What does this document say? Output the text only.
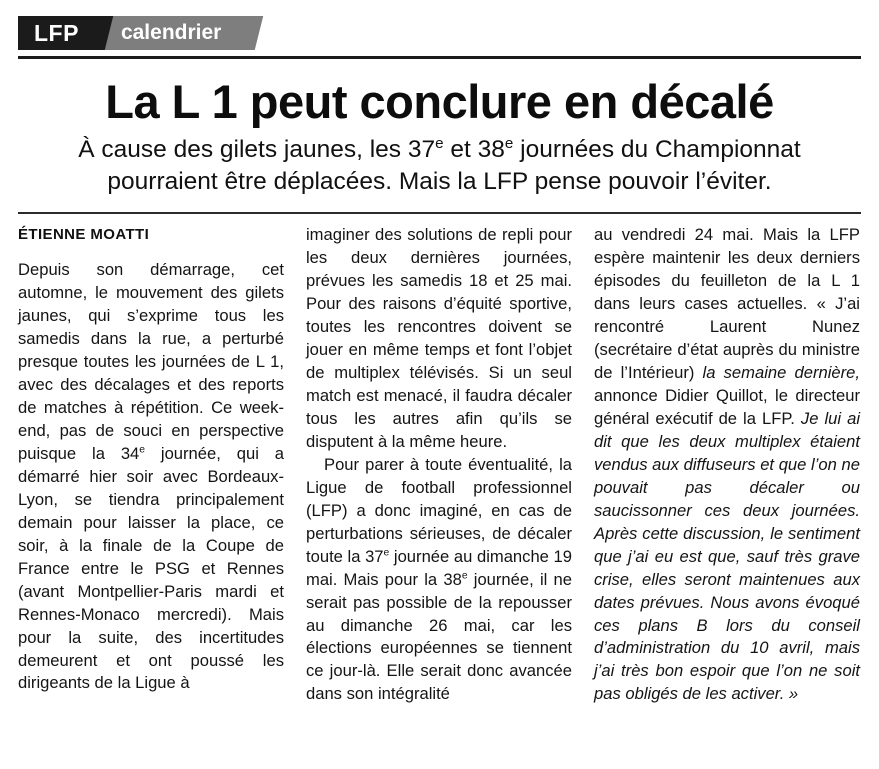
LFP	calendrier
La L 1 peut conclure en décalé
À cause des gilets jaunes, les 37e et 38e journées du Championnat pourraient être déplacées. Mais la LFP pense pouvoir l’éviter.
ÉTIENNE MOATTI

Depuis son démarrage, cet automne, le mouvement des gilets jaunes, qui s’exprime tous les samedis dans la rue, a perturbé presque toutes les journées de L 1, avec des décalages et des reports de matches à répétition. Ce week-end, pas de souci en perspective puisque la 34e journée, qui a démarré hier soir avec Bordeaux-Lyon, se tiendra principalement demain pour laisser la place, ce soir, à la finale de la Coupe de France entre le PSG et Rennes (avant Montpellier-Paris mardi et Rennes-Monaco mercredi). Mais pour la suite, des incertitudes demeurent et ont poussé les dirigeants de la Ligue à

imaginer des solutions de repli pour les deux dernières journées, prévues les samedis 18 et 25 mai. Pour des raisons d’équité sportive, toutes les rencontres doivent se jouer en même temps et font l’objet de multiplex télévisés. Si un seul match est menacé, il faudra décaler tous les autres afin qu’ils se disputent à la même heure.

Pour parer à toute éventualité, la Ligue de football professionnel (LFP) a donc imaginé, en cas de perturbations sérieuses, de décaler toute la 37e journée au dimanche 19 mai. Mais pour la 38e journée, il ne serait pas possible de la repousser au dimanche 26 mai, car les élections européennes se tiennent ce jour-là. Elle serait donc avancée dans son intégralité

au vendredi 24 mai. Mais la LFP espère maintenir les deux derniers épisodes du feuilleton de la L 1 dans leurs cases actuelles. « J’ai rencontré Laurent Nunez (secrétaire d’état auprès du ministre de l’Intérieur) la semaine dernière, annonce Didier Quillot, le directeur général exécutif de la LFP. Je lui ai dit que les deux multiplex étaient vendus aux diffuseurs et que l’on ne pouvait pas décaler ou saucissonner ces deux journées. Après cette discussion, le sentiment que j’ai eu est que, sauf très grave crise, elles seront maintenues aux dates prévues. Nous avons évoqué ces plans B lors du conseil d’administration du 10 avril, mais j’ai très bon espoir que l’on ne soit pas obligés de les activer. »
